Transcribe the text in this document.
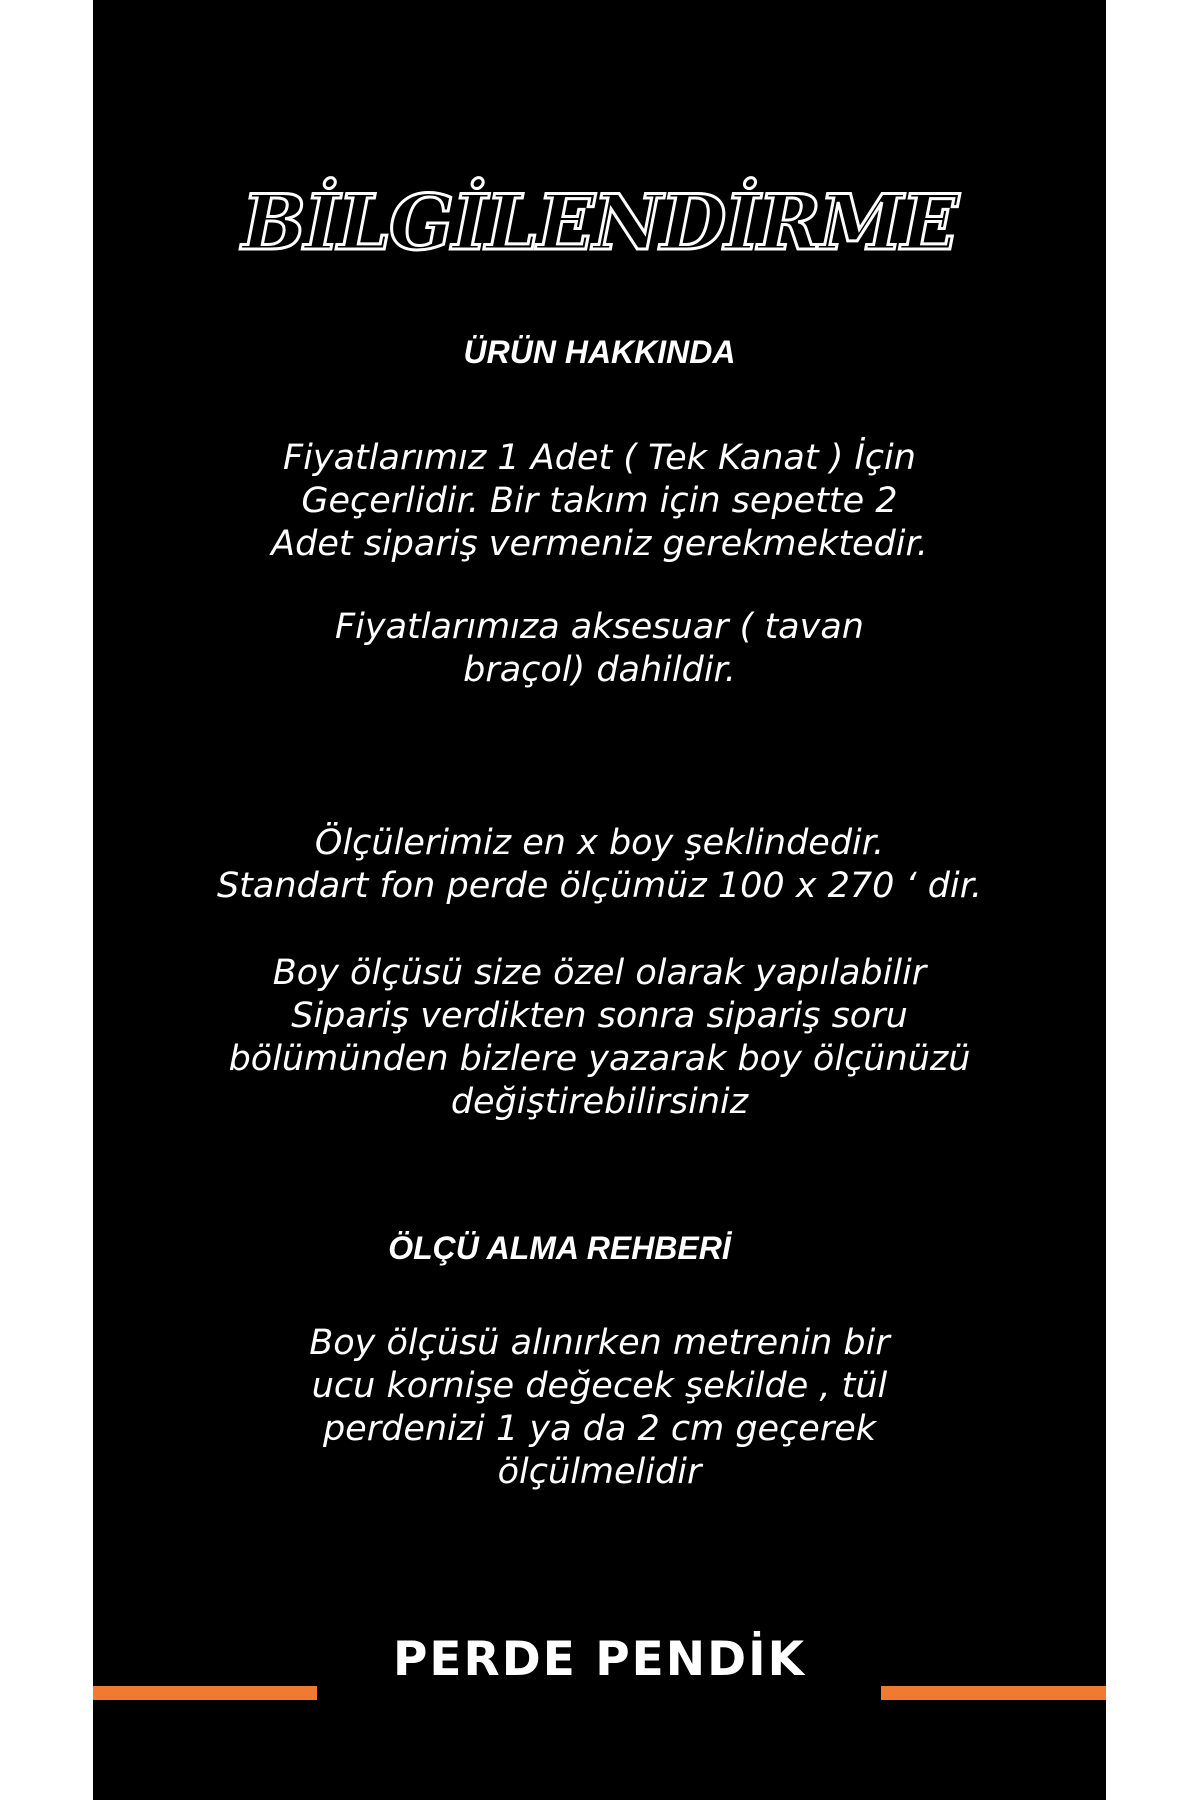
BİLGİLENDİRME
ÜRÜN HAKKINDA
Fiyatlarımız 1 Adet ( Tek Kanat ) İçin
Geçerlidir. Bir takım için sepette 2
Adet sipariş vermeniz gerekmektedir.
Fiyatlarımıza aksesuar ( tavan
braçol) dahildir.
Ölçülerimiz en x boy şeklindedir.
Standart fon perde ölçümüz 100 x 270 ‘ dir.
Boy ölçüsü size özel olarak yapılabilir
Sipariş verdikten sonra sipariş soru
bölümünden bizlere yazarak boy ölçünüzü
değiştirebilirsiniz
ÖLÇÜ ALMA REHBERİ
Boy ölçüsü alınırken metrenin bir
ucu kornişe değecek şekilde , tül
perdenizi 1 ya da 2 cm geçerek
ölçülmelidir
PERDE PENDİK
